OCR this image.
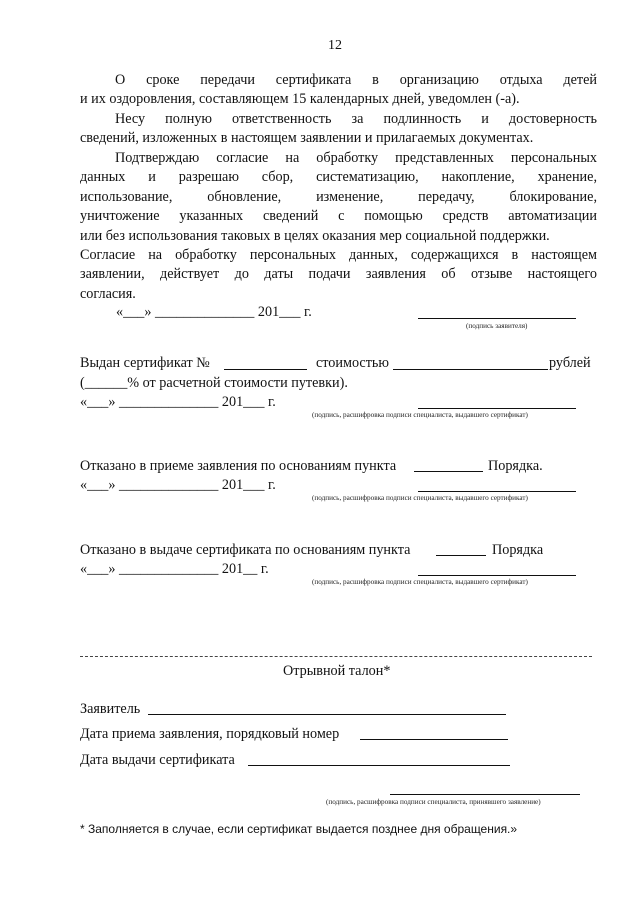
12
О сроке передачи сертификата в организацию отдыха детей
и их оздоровления, составляющем 15 календарных дней, уведомлен (-а).
Несу полную ответственность за подлинность и достоверность
сведений, изложенных в настоящем заявлении и прилагаемых документах.
Подтверждаю согласие на обработку представленных персональных
данных и разрешаю сбор, систематизацию, накопление, хранение,
использование, обновление, изменение, передачу, блокирование,
уничтожение указанных сведений с помощью средств автоматизации
или без использования таковых в целях оказания мер социальной поддержки.
Согласие на обработку персональных данных, содержащихся в настоящем
заявлении, действует до даты подачи заявления об отзыве настоящего
согласия.
«___» ______________ 201___ г.
(подпись заявителя)
Выдан сертификат №	стоимостью	рублей
(______% от расчетной стоимости путевки).
«___» ______________ 201___ г.
(подпись, расшифровка подписи специалиста, выдавшего сертификат)
Отказано в приеме заявления по основаниям пункта	Порядка.
«___» ______________ 201___ г.
(подпись, расшифровка подписи специалиста, выдавшего сертификат)
Отказано в выдаче сертификата по основаниям пункта	Порядка
«___» ______________ 201__ г.
(подпись, расшифровка подписи специалиста, выдавшего сертификат)
Отрывной талон*
Заявитель
Дата приема заявления, порядковый номер
Дата выдачи сертификата
(подпись, расшифровка подписи специалиста, принявшего заявление)
* Заполняется в случае, если сертификат выдается позднее дня обращения.»
